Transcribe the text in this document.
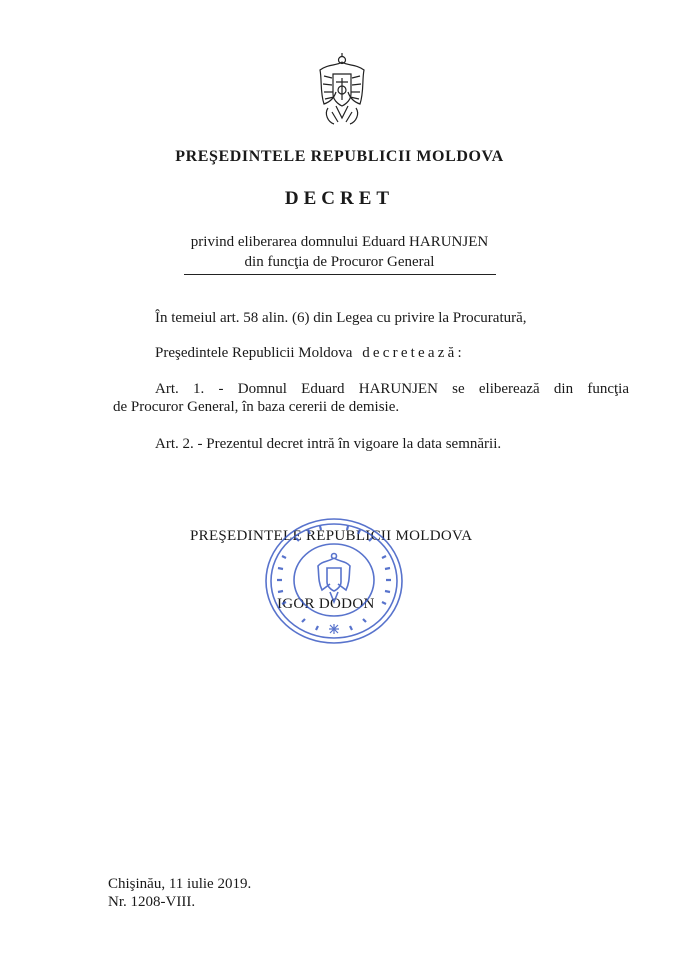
PREŞEDINTELE REPUBLICII MOLDOVA
DECRET
privind eliberarea domnului Eduard HARUNJEN
din funcţia de Procuror General
În temeiul art. 58 alin. (6) din Legea cu privire la Procuratură,
Preşedintele Republicii Moldova decretează:
Art. 1. - Domnul Eduard HARUNJEN se eliberează din funcţia
de Procuror General, în baza cererii de demisie.
Art. 2. - Prezentul decret intră în vigoare la data semnării.
PREŞEDINTELE REPUBLICII MOLDOVA
IGOR DODON
Chişinău, 11 iulie 2019.
Nr. 1208-VIII.
